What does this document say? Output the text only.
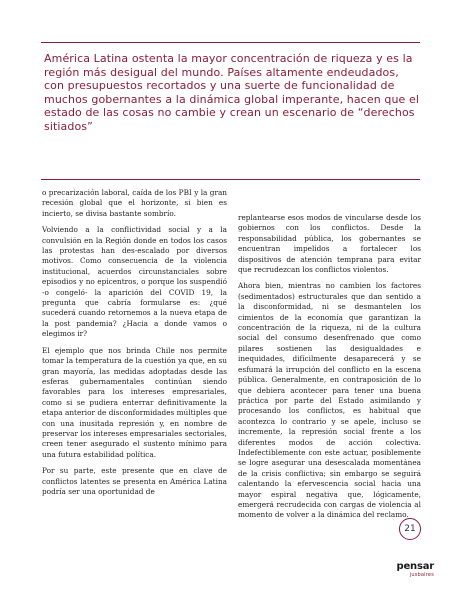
América Latina ostenta la mayor concentración de riqueza y es la región más desigual del mundo. Países altamente endeudados, con presupuestos recortados y una suerte de funcionalidad de muchos gobernantes a la dinámica global imperante, hacen que el estado de las cosas no cambie y crean un escenario de “derechos sitiados”

o precarización laboral, caída de los PBI y la gran recesión global que el horizonte, si bien es incierto, se divisa bastante sombrío.

Volviendo a la conflictividad social y a la convulsión en la Región donde en todos los casos las protestas han des-escalado por diversos motivos. Como consecuencia de la violencia institucional, acuerdos circunstanciales sobre episodios y no epicentros, o porque los suspendió -o congeló- la aparición del COVID 19, la pregunta que cabría formularse es: ¿qué sucederá cuando retornemos a la nueva etapa de la post pandemia? ¿Hacia a donde vamos o elegimos ir?

El ejemplo que nos brinda Chile nos permite tomar la temperatura de la cuestión ya que, en su gran mayoría, las medidas adoptadas desde las esferas gubernamentales continúan siendo favorables para los intereses empresariales, como si se pudiera enterrar definitivamente la etapa anterior de disconformidades múltiples que con una inusitada represión y, en nombre de preservar los intereses empresariales sectoriales, creen tener asegurado el sustento mínimo para una futura estabilidad política.

Por su parte, este presente que en clave de conflictos latentes se presenta en América Latina podría ser una oportunidad de

replantearse esos modos de vincularse desde los gobiernos con los conflictos. Desde la responsabilidad pública, los gobernantes se encuentran impelidos a fortalecer los dispositivos de atención temprana para evitar que recrudezcan los conflictos violentos.

Ahora bien, mientras no cambien los factores (sedimentados) estructurales que dan sentido a la disconformidad, ni se desmantelen los cimientos de la economía que garantizan la concentración de la riqueza, ni de la cultura social del consumo desenfrenado que como pilares sostienen las desigualdades e inequidades, difícilmente desaparecerá y se esfumará la irrupción del conflicto en la escena pública. Generalmente, en contraposición de lo que debiera acontecer para tener una buena práctica por parte del Estado asimilando y procesando los conflictos, es habitual que acontezca lo contrario y se apele, incluso se incremente, la represión social frente a los diferentes modos de acción colectiva. Indefectiblemente con este actuar, posiblemente se logre asegurar una desescalada momentánea de la crisis conflictiva; sin embargo se seguirá calentando la efervescencia social hacia una mayor espiral negativa que, lógicamente, emergerá recrudecida con cargas de violencia al momento de volver a la dinámica del reclamo.

21
pensar
jusbaires
